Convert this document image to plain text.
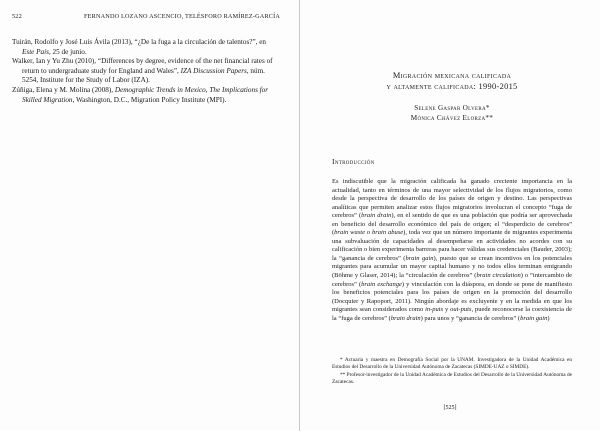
522	FERNANDO LOZANO ASCENCIO, TELÉSFORO RAMÍREZ-GARCÍA

Tuirán, Rodolfo y José Luis Ávila (2013), “¿De la fuga a la circulación de talentos?”, en Este País, 25 de junio.

Walker, Ian y Yu Zhu (2010), “Differences by degree, evidence of the net financial rates of return to undergraduate study for England and Wales”, IZA Discussion Papers, núm. 5254, Institute for the Study of Labor (IZA).

Zúñiga, Elena y M. Molina (2008), Demographic Trends in Mexico, The Implications for Skilled Migration, Washington, D.C., Migration Policy Institute (MPI).

Migración mexicana calificada

y altamente calificada: 1990-2015

Selene Gaspar Olvera*

Mónica Chávez Elorza**

Introducción

Es indiscutible que la migración calificada ha ganado creciente importancia en la actualidad, tanto en términos de una mayor selectividad de los flujos migratorios, como desde la perspectiva de desarrollo de los países de origen y destino. Las perspectivas analíticas que permiten analizar estos flujos migratorios involucran el concepto “fuga de cerebros” (brain drain), en el sentido de que es una población que podría ser aprovechada en beneficio del desarrollo económico del país de origen; el “desperdicio de cerebros” (brain waste o brain abuse), toda vez que un número importante de migrantes experimenta una subvaluación de capacidades al desempeñarse en actividades no acordes con su calificación o bien experimenta barreras para hacer válidas sus credenciales (Bauder, 2003); la “ganancia de cerebros” (brain gain), puesto que se crean incentivos en los potenciales migrantes para acumular un mayor capital humano y no todos ellos terminan emigrando (Böhme y Glaser, 2014); la “circulación de cerebros” (brain circulation) o “intercambio de cerebros” (brain exchange) y vinculación con la diáspora, en donde se pone de manifiesto los beneficios potenciales para los países de origen en la promoción del desarrollo (Docquier y Rapoport, 2011). Ningún abordaje es excluyente y en la medida en que los migrantes sean considerados como in-puts y out-puts, puede reconocerse la coexistencia de la “fuga de cerebros” (brain drain) para unos y “ganancia de cerebros” (brain gain)

* Actuaria y maestra en Demografía Social por la UNAM. Investigadora de la Unidad Académica en Estudios del Desarrollo de la Universidad Autónoma de Zacatecas (SIMDE-UAZ o SIMDE).

** Profesor-investigador de la Unidad Académica de Estudios del Desarrollo de la Universidad Autónoma de Zacatecas.

[525]
